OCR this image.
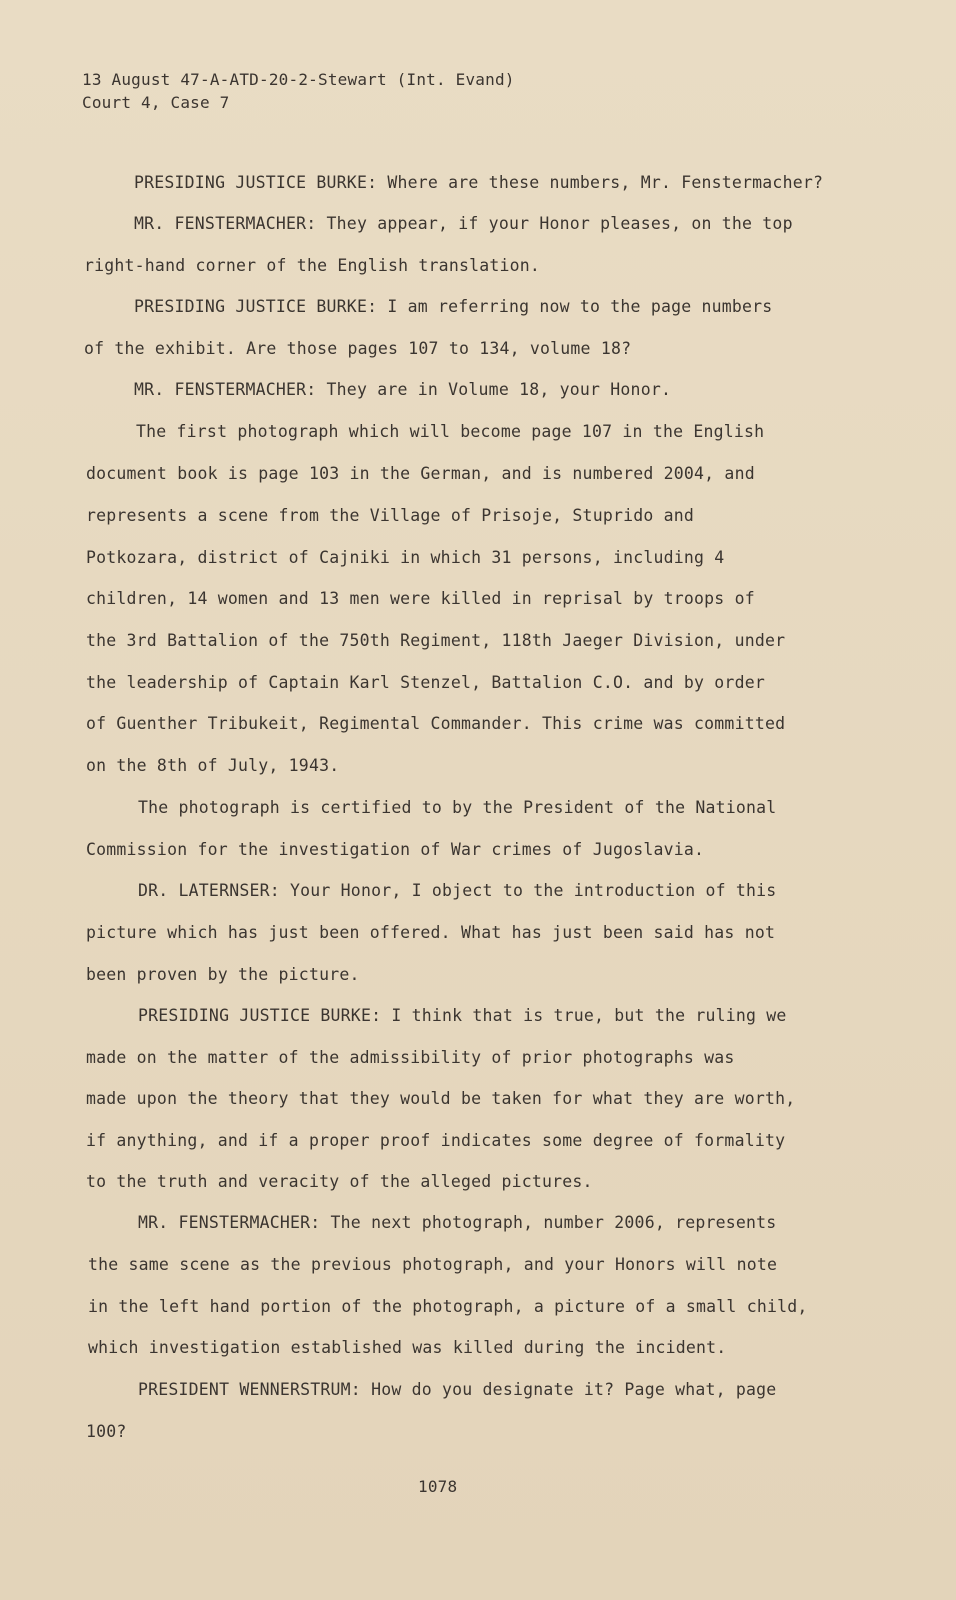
13 August 47-A-ATD-20-2-Stewart (Int. Evand)
Court 4, Case 7
PRESIDING JUSTICE BURKE: Where are these numbers, Mr. Fenstermacher?
MR. FENSTERMACHER: They appear, if your Honor pleases, on the top
right-hand corner of the English translation.
PRESIDING JUSTICE BURKE: I am referring now to the page numbers
of the exhibit. Are those pages 107 to 134, volume 18?
MR. FENSTERMACHER: They are in Volume 18, your Honor.
The first photograph which will become page 107 in the English
document book is page 103 in the German, and is numbered 2004, and
represents a scene from the Village of Prisoje, Stuprido and
Potkozara, district of Cajniki in which 31 persons, including 4
children, 14 women and 13 men were killed in reprisal by troops of
the 3rd Battalion of the 750th Regiment, 118th Jaeger Division, under
the leadership of Captain Karl Stenzel, Battalion C.O. and by order
of Guenther Tribukeit, Regimental Commander. This crime was committed
on the 8th of July, 1943.
The photograph is certified to by the President of the National
Commission for the investigation of War crimes of Jugoslavia.
DR. LATERNSER: Your Honor, I object to the introduction of this
picture which has just been offered. What has just been said has not
been proven by the picture.
PRESIDING JUSTICE BURKE: I think that is true, but the ruling we
made on the matter of the admissibility of prior photographs was
made upon the theory that they would be taken for what they are worth,
if anything, and if a proper proof indicates some degree of formality
to the truth and veracity of the alleged pictures.
MR. FENSTERMACHER: The next photograph, number 2006, represents
the same scene as the previous photograph, and your Honors will note
in the left hand portion of the photograph, a picture of a small child,
which investigation established was killed during the incident.
PRESIDENT WENNERSTRUM: How do you designate it? Page what, page
100?
1078
